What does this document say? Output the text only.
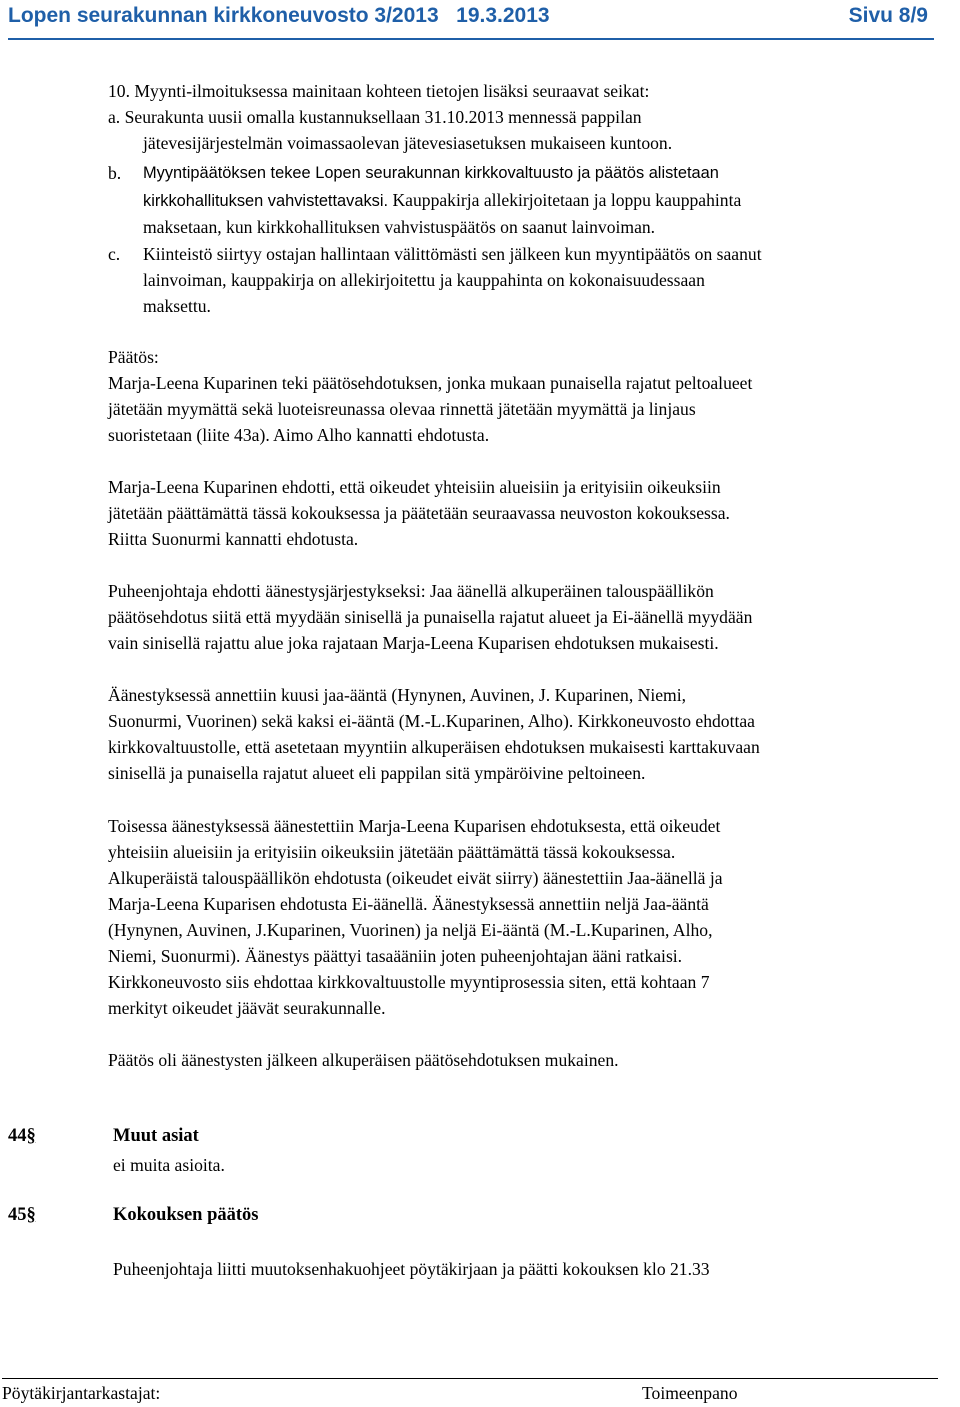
Lopen seurakunnan kirkkoneuvosto 3/2013   19.3.2013	Sivu 8/9
10. Myynti-ilmoituksessa mainitaan kohteen tietojen lisäksi seuraavat seikat:
a. Seurakunta uusii omalla kustannuksellaan 31.10.2013 mennessä pappilan
jätevesijärjestelmän voimassaolevan jätevesiasetuksen mukaiseen kuntoon.
b. Myyntipäätöksen tekee Lopen seurakunnan kirkkovaltuusto ja päätös alistetaan
kirkkohallituksen vahvistettavaksi. Kauppakirja allekirjoitetaan ja loppu kauppahinta
maksetaan, kun kirkkohallituksen vahvistuspäätös on saanut lainvoiman.
c. Kiinteistö siirtyy ostajan hallintaan välittömästi sen jälkeen kun myyntipäätös on saanut
lainvoiman, kauppakirja on allekirjoitettu ja kauppahinta on kokonaisuudessaan
maksettu.
Päätös:
Marja-Leena Kuparinen teki päätösehdotuksen, jonka mukaan punaisella rajatut peltoalueet
jätetään myymättä sekä luoteisreunassa olevaa rinnettä jätetään myymättä ja linjaus
suoristetaan (liite 43a). Aimo Alho kannatti ehdotusta.
Marja-Leena Kuparinen ehdotti, että oikeudet yhteisiin alueisiin ja erityisiin oikeuksiin
jätetään päättämättä tässä kokouksessa ja päätetään seuraavassa neuvoston kokouksessa.
Riitta Suonurmi kannatti ehdotusta.
Puheenjohtaja ehdotti äänestysjärjestykseksi: Jaa äänellä alkuperäinen talouspäällikön
päätösehdotus siitä että myydään sinisellä ja punaisella rajatut alueet ja Ei-äänellä myydään
vain sinisellä rajattu alue joka rajataan Marja-Leena Kuparisen ehdotuksen mukaisesti.
Äänestyksessä annettiin kuusi jaa-ääntä (Hynynen, Auvinen, J. Kuparinen, Niemi,
Suonurmi, Vuorinen) sekä kaksi ei-ääntä (M.-L.Kuparinen, Alho). Kirkkoneuvosto ehdottaa
kirkkovaltuustolle, että asetetaan myyntiin alkuperäisen ehdotuksen mukaisesti karttakuvaan
sinisellä ja punaisella rajatut alueet eli pappilan sitä ympäröivine peltoineen.
Toisessa äänestyksessä äänestettiin Marja-Leena Kuparisen ehdotuksesta, että oikeudet
yhteisiin alueisiin ja erityisiin oikeuksiin jätetään päättämättä tässä kokouksessa.
Alkuperäistä talouspäällikön ehdotusta (oikeudet eivät siirry) äänestettiin Jaa-äänellä ja
Marja-Leena Kuparisen ehdotusta Ei-äänellä. Äänestyksessä annettiin neljä Jaa-ääntä
(Hynynen, Auvinen, J.Kuparinen, Vuorinen) ja neljä Ei-ääntä (M.-L.Kuparinen, Alho,
Niemi, Suonurmi). Äänestys päättyi tasaääniin joten puheenjohtajan ääni ratkaisi.
Kirkkoneuvosto siis ehdottaa kirkkovaltuustolle myyntiprosessia siten, että kohtaan 7
merkityt oikeudet jäävät seurakunnalle.
Päätös oli äänestysten jälkeen alkuperäisen päätösehdotuksen mukainen.
44§	Muut asiat
ei muita asioita.
45§	Kokouksen päätös
Puheenjohtaja liitti muutoksenhakuohjeet pöytäkirjaan ja päätti kokouksen klo 21.33
Pöytäkirjantarkastajat:	Toimeenpano
